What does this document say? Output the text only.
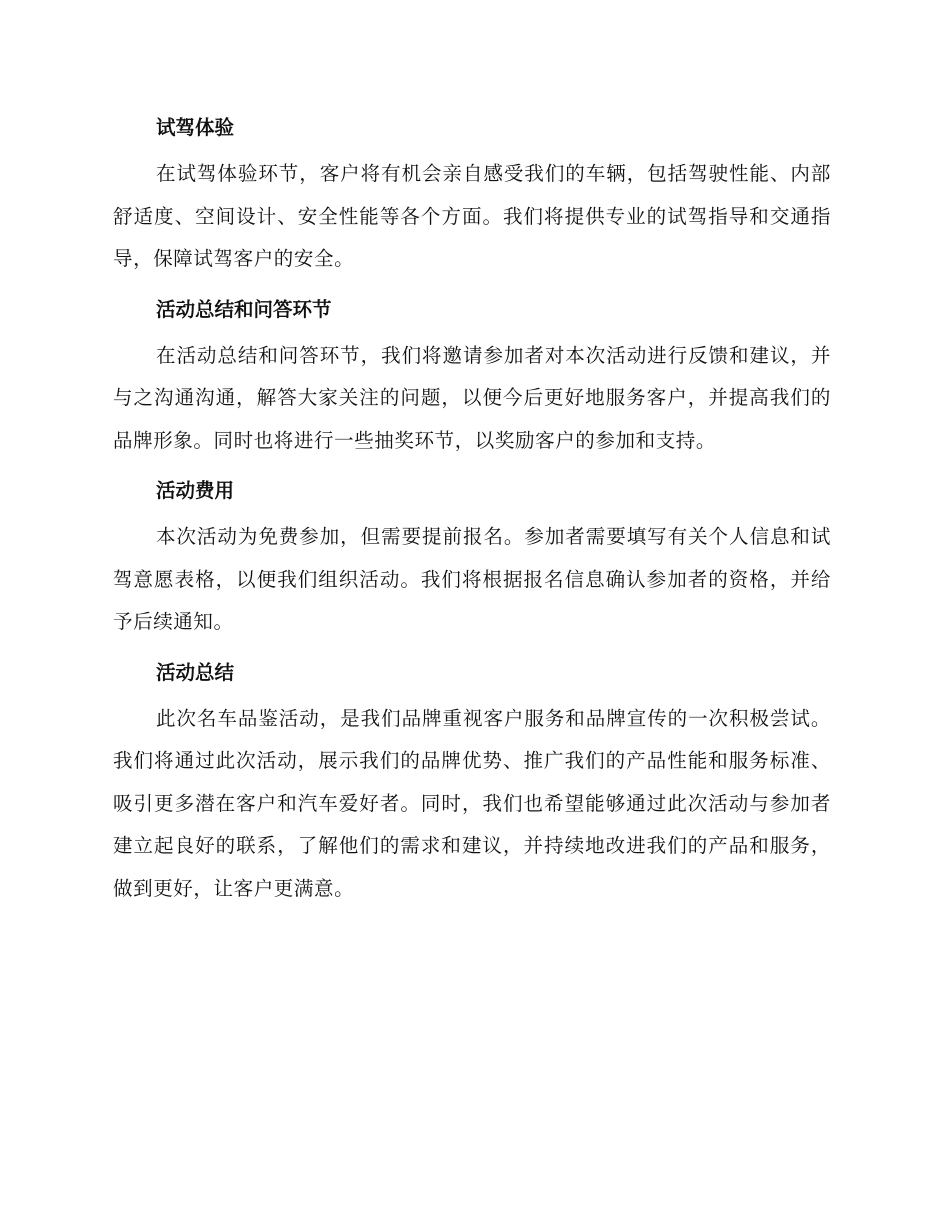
试驾体验

在试驾体验环节，客户将有机会亲自感受我们的车辆，包括驾驶性能、内部舒适度、空间设计、安全性能等各个方面。我们将提供专业的试驾指导和交通指导，保障试驾客户的安全。

活动总结和问答环节

在活动总结和问答环节，我们将邀请参加者对本次活动进行反馈和建议，并与之沟通沟通，解答大家关注的问题，以便今后更好地服务客户，并提高我们的品牌形象。同时也将进行一些抽奖环节，以奖励客户的参加和支持。

活动费用

本次活动为免费参加，但需要提前报名。参加者需要填写有关个人信息和试驾意愿表格，以便我们组织活动。我们将根据报名信息确认参加者的资格，并给予后续通知。

活动总结

此次名车品鉴活动，是我们品牌重视客户服务和品牌宣传的一次积极尝试。我们将通过此次活动，展示我们的品牌优势、推广我们的产品性能和服务标准、吸引更多潜在客户和汽车爱好者。同时，我们也希望能够通过此次活动与参加者建立起良好的联系，了解他们的需求和建议，并持续地改进我们的产品和服务，做到更好，让客户更满意。
